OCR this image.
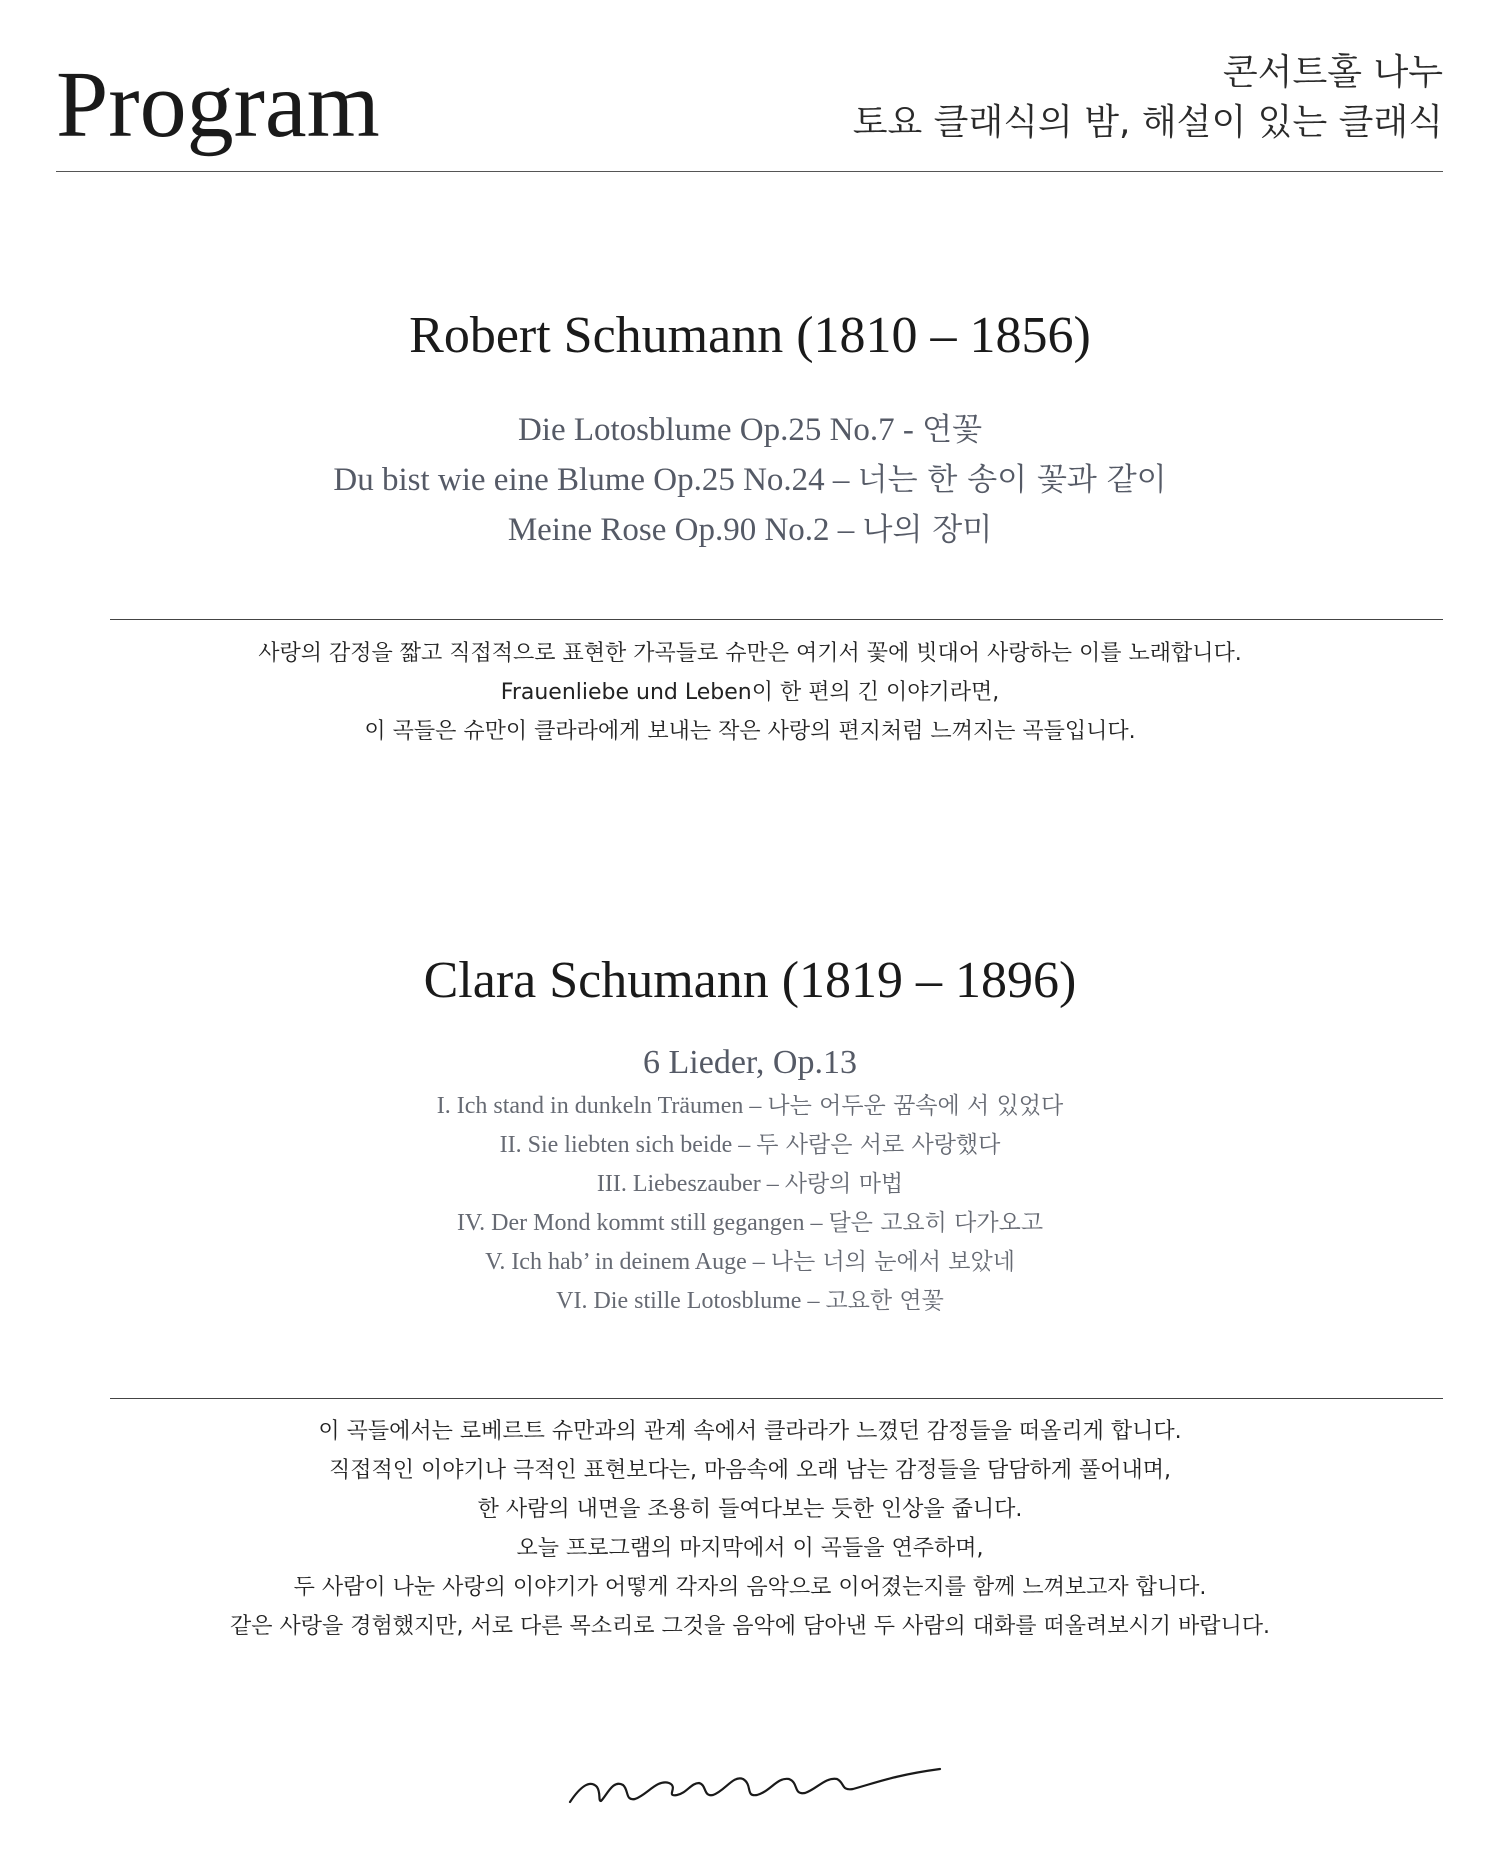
Program	콘서트홀 나누
토요 클래식의 밤, 해설이 있는 클래식
Robert Schumann (1810 – 1856)
Die Lotosblume Op.25 No.7 - 연꽃
Du bist wie eine Blume Op.25 No.24 – 너는 한 송이 꽃과 같이
Meine Rose Op.90 No.2 – 나의 장미
사랑의 감정을 짧고 직접적으로 표현한 가곡들로 슈만은 여기서 꽃에 빗대어 사랑하는 이를 노래합니다.
Frauenliebe und Leben이 한 편의 긴 이야기라면,
이 곡들은 슈만이 클라라에게 보내는 작은 사랑의 편지처럼 느껴지는 곡들입니다.
Clara Schumann (1819 – 1896)
6 Lieder, Op.13
I. Ich stand in dunkeln Träumen – 나는 어두운 꿈속에 서 있었다
II. Sie liebten sich beide – 두 사람은 서로 사랑했다
III. Liebeszauber – 사랑의 마법
IV. Der Mond kommt still gegangen – 달은 고요히 다가오고
V. Ich hab’ in deinem Auge – 나는 너의 눈에서 보았네
VI. Die stille Lotosblume – 고요한 연꽃
이 곡들에서는 로베르트 슈만과의 관계 속에서 클라라가 느꼈던 감정들을 떠올리게 합니다.
직접적인 이야기나 극적인 표현보다는, 마음속에 오래 남는 감정들을 담담하게 풀어내며,
한 사람의 내면을 조용히 들여다보는 듯한 인상을 줍니다.
오늘 프로그램의 마지막에서 이 곡들을 연주하며,
두 사람이 나눈 사랑의 이야기가 어떻게 각자의 음악으로 이어졌는지를 함께 느껴보고자 합니다.
같은 사랑을 경험했지만, 서로 다른 목소리로 그것을 음악에 담아낸 두 사람의 대화를 떠올려보시기 바랍니다.
